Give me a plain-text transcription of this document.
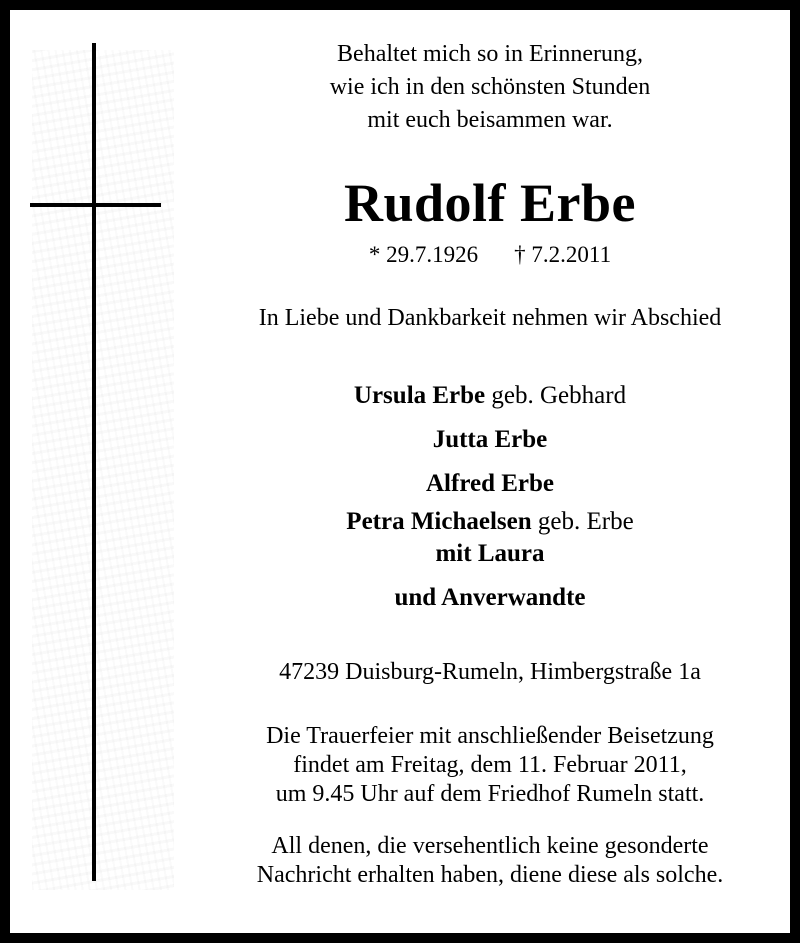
Behaltet mich so in Erinnerung,
wie ich in den schönsten Stunden
mit euch beisammen war.
Rudolf Erbe
* 29.7.1926 † 7.2.2011
In Liebe und Dankbarkeit nehmen wir Abschied
Ursula Erbe geb. Gebhard
Jutta Erbe
Alfred Erbe
Petra Michaelsen geb. Erbe
mit Laura
und Anverwandte
47239 Duisburg-Rumeln, Himbergstraße 1a
Die Trauerfeier mit anschließender Beisetzung
findet am Freitag, dem 11. Februar 2011,
um 9.45 Uhr auf dem Friedhof Rumeln statt.
All denen, die versehentlich keine gesonderte
Nachricht erhalten haben, diene diese als solche.
